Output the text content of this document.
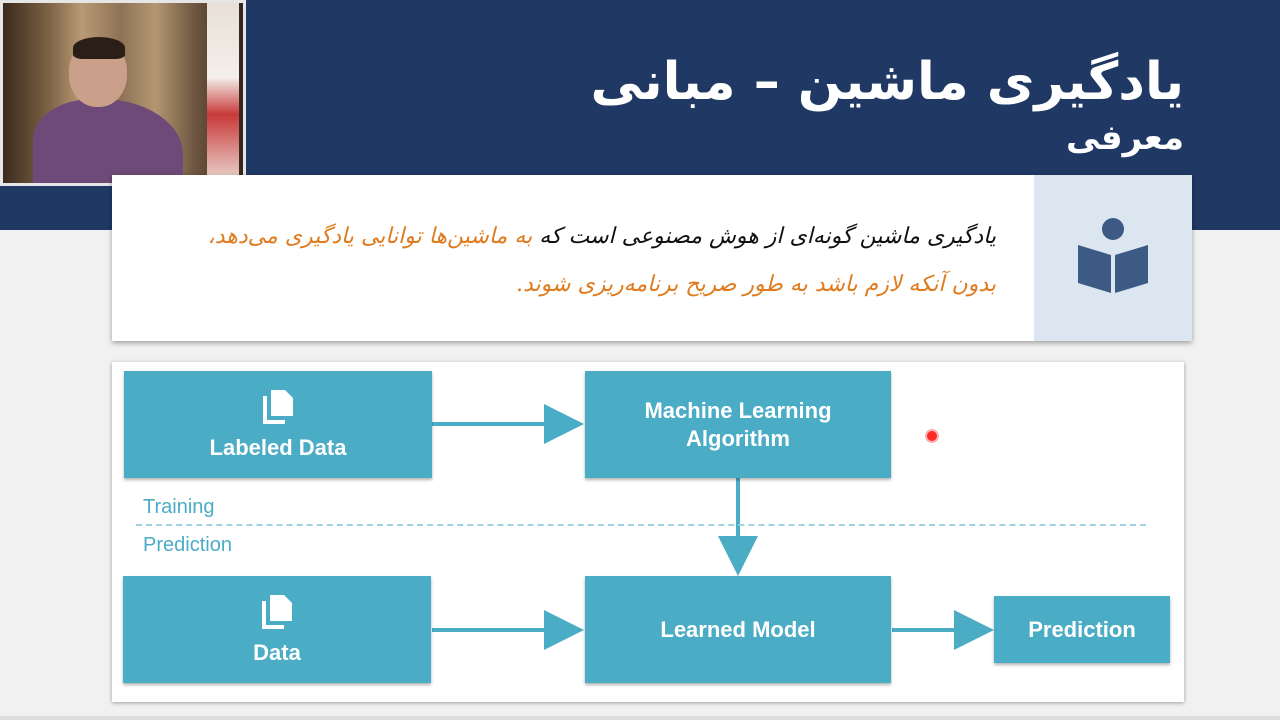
یادگیری ماشین – مبانی
معرفی
یادگیری ماشین گونه‌ای از هوش مصنوعی است که به ماشین‌ها توانایی یادگیری می‌دهد،
بدون آنکه لازم باشد به طور صریح برنامه‌ریزی شوند.
Labeled Data
Machine Learning
Algorithm
Training
Prediction
Data
Learned Model	Prediction
